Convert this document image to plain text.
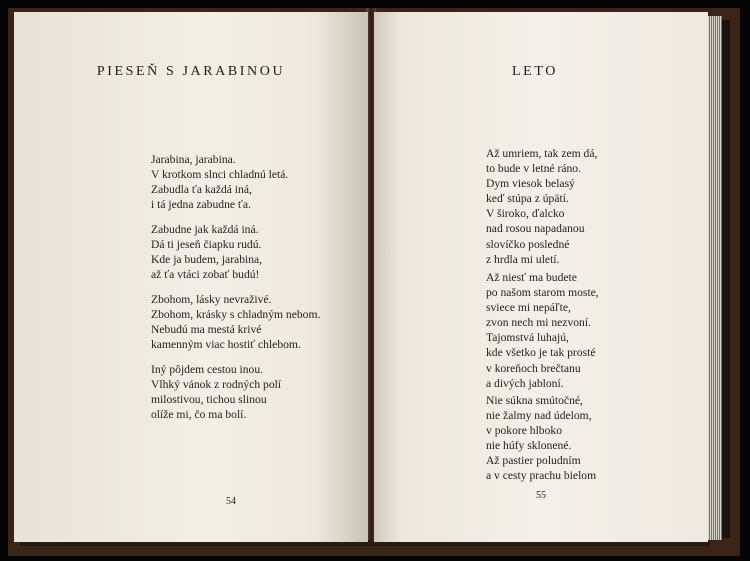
PIESEŇ S JARABINOU
Jarabina, jarabina.
V krotkom slnci chladnú letá.
Zabudla ťa každá iná,
i tá jedna zabudne ťa.
Zabudne jak každá iná.
Dá ti jeseň čiapku rudú.
Kde ja budem, jarabina,
až ťa vtáci zobať budú!
Zbohom, lásky nevraživé.
Zbohom, krásky s chladným nebom.
Nebudú ma mestá krivé
kamenným viac hostiť chlebom.
Iný pôjdem cestou inou.
Vlhký vánok z rodných polí
milostivou, tichou slinou
olíže mi, čo ma bolí.
54
LETO
Až umriem, tak zem dá,
to bude v letné ráno.
Dym viesok belasý
keď stúpa z úpätí.
V široko, ďalcko
nad rosou napadanou
slovíčko posledné
z hrdla mi uletí.
Až niesť ma budete
po našom starom moste,
sviece mi nepáľte,
zvon nech mi nezvoní.
Tajomstvá luhajú,
kde všetko je tak prosté
v koreňoch brečtanu
a divých jabloní.
Nie súkna smútočné,
nie žalmy nad údelom,
v pokore hlboko
nie húfy sklonené.
Až pastier poludním
a v cesty prachu bielom
55
